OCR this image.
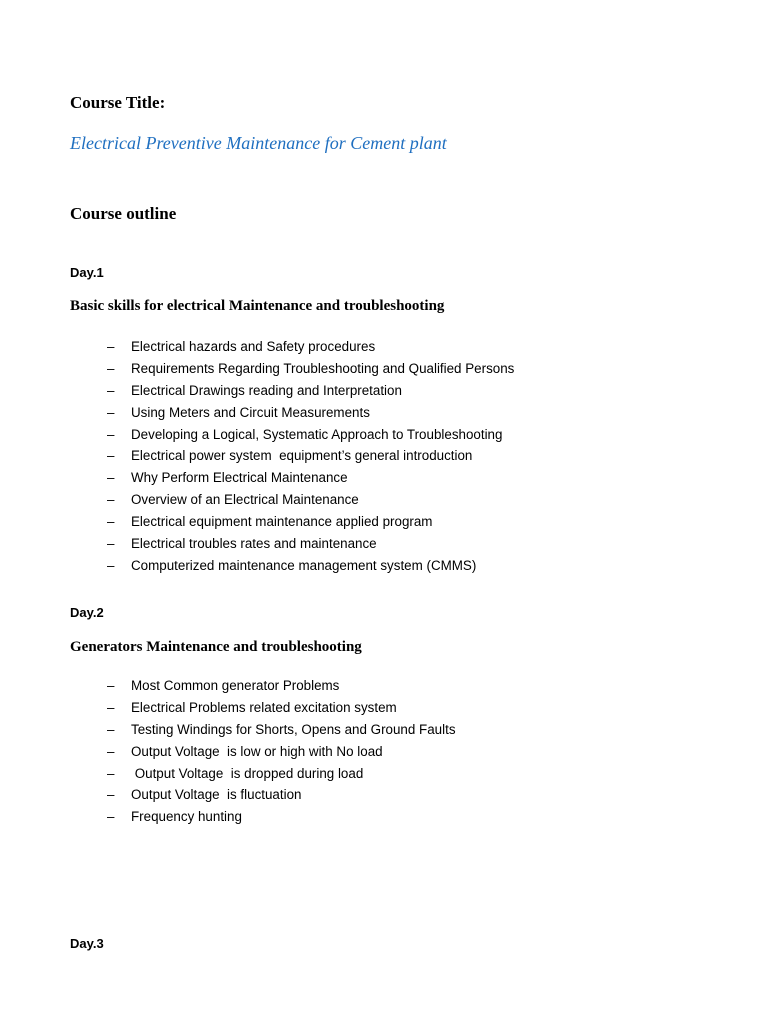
Course Title:
Electrical Preventive Maintenance for Cement plant
Course outline
Day.1
Basic skills for electrical Maintenance and troubleshooting
– Electrical hazards and Safety procedures
– Requirements Regarding Troubleshooting and Qualified Persons
– Electrical Drawings reading and Interpretation
– Using Meters and Circuit Measurements
– Developing a Logical, Systematic Approach to Troubleshooting
– Electrical power system  equipment’s general introduction
– Why Perform Electrical Maintenance
– Overview of an Electrical Maintenance
– Electrical equipment maintenance applied program
– Electrical troubles rates and maintenance
– Computerized maintenance management system (CMMS)
Day.2
Generators Maintenance and troubleshooting
– Most Common generator Problems
– Electrical Problems related excitation system
– Testing Windings for Shorts, Opens and Ground Faults
– Output Voltage  is low or high with No load
– Output Voltage  is dropped during load
– Output Voltage  is fluctuation
– Frequency hunting
Day.3
